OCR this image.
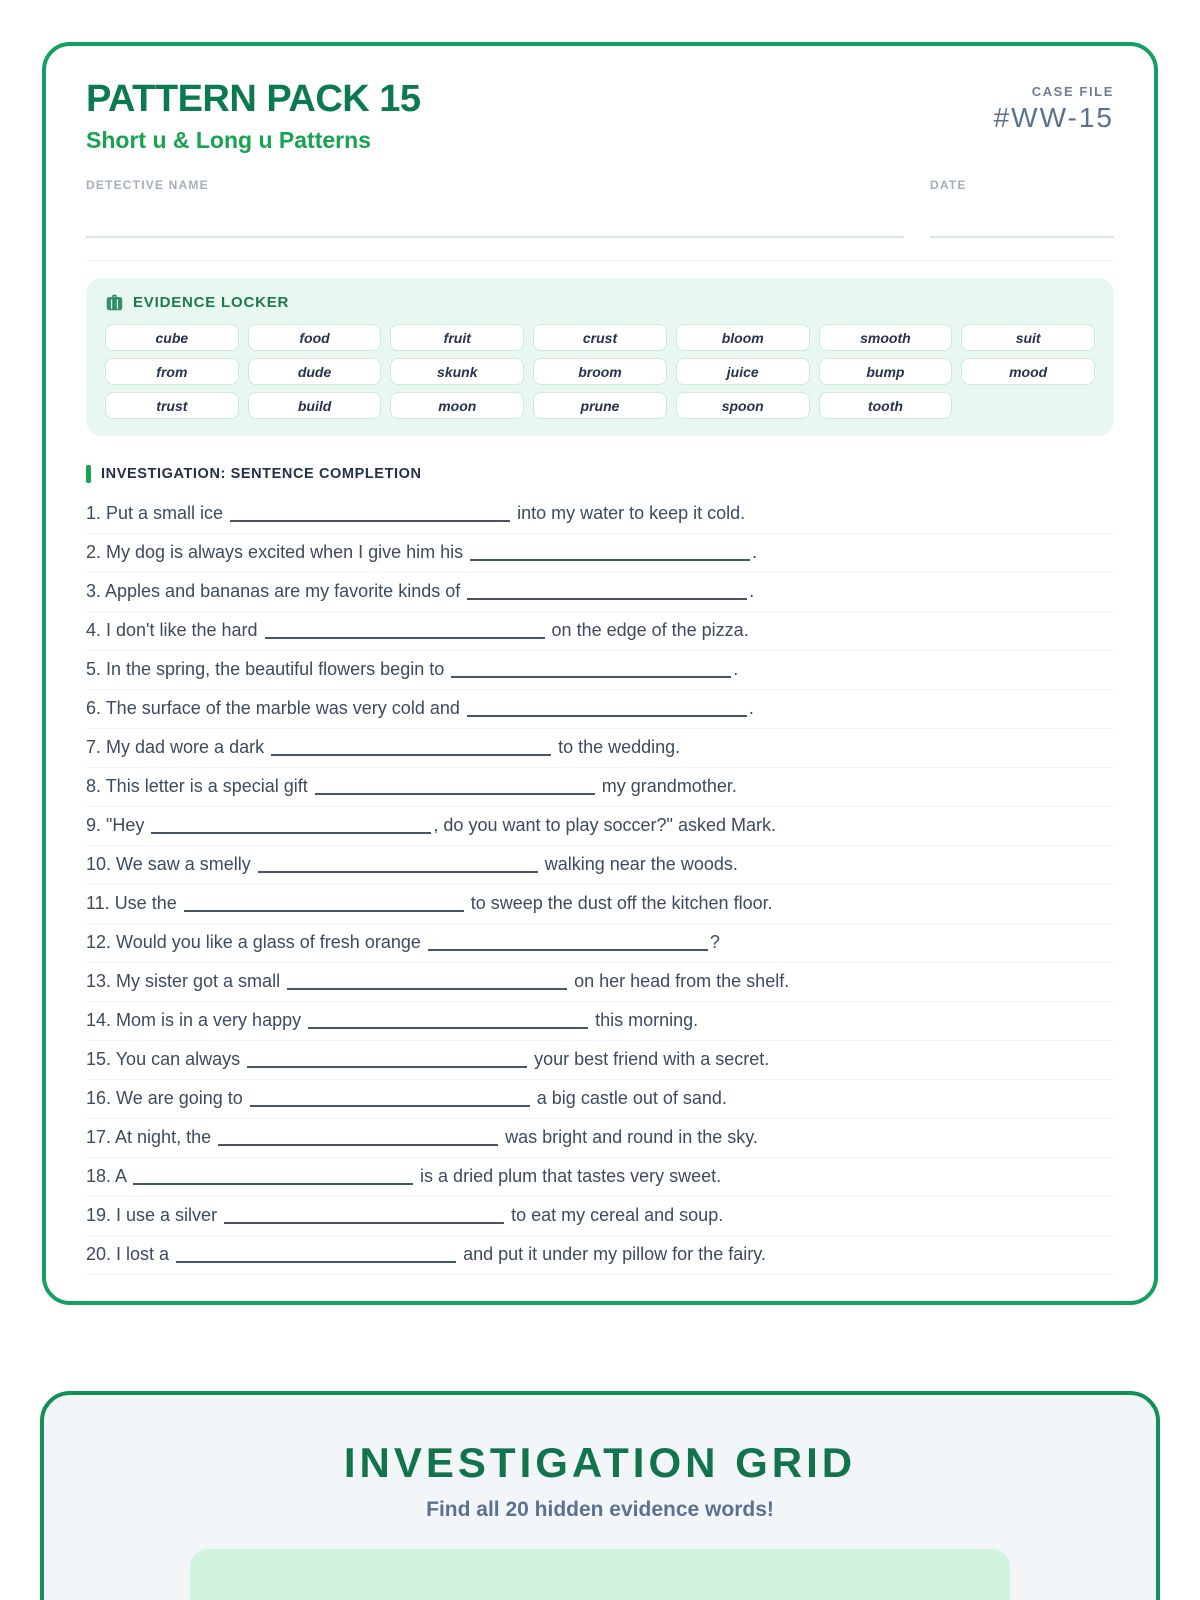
PATTERN PACK 15
Short u & Long u Patterns
CASE FILE
#WW-15
DETECTIVE NAME	DATE
EVIDENCE LOCKER
cube	food	fruit	crust	bloom	smooth	suit
from	dude	skunk	broom	juice	bump	mood
trust	build	moon	prune	spoon	tooth
INVESTIGATION: SENTENCE COMPLETION
1. Put a small ice	into my water to keep it cold.
2. My dog is always excited when I give him his	.
3. Apples and bananas are my favorite kinds of	.
4. I don't like the hard	on the edge of the pizza.
5. In the spring, the beautiful flowers begin to	.
6. The surface of the marble was very cold and	.
7. My dad wore a dark	to the wedding.
8. This letter is a special gift	my grandmother.
9. "Hey	, do you want to play soccer?" asked Mark.
10. We saw a smelly	walking near the woods.
11. Use the	to sweep the dust off the kitchen floor.
12. Would you like a glass of fresh orange	?
13. My sister got a small	on her head from the shelf.
14. Mom is in a very happy	this morning.
15. You can always	your best friend with a secret.
16. We are going to	a big castle out of sand.
17. At night, the	was bright and round in the sky.
18. A	is a dried plum that tastes very sweet.
19. I use a silver	to eat my cereal and soup.
20. I lost a	and put it under my pillow for the fairy.
INVESTIGATION GRID

Find all 20 hidden evidence words!
